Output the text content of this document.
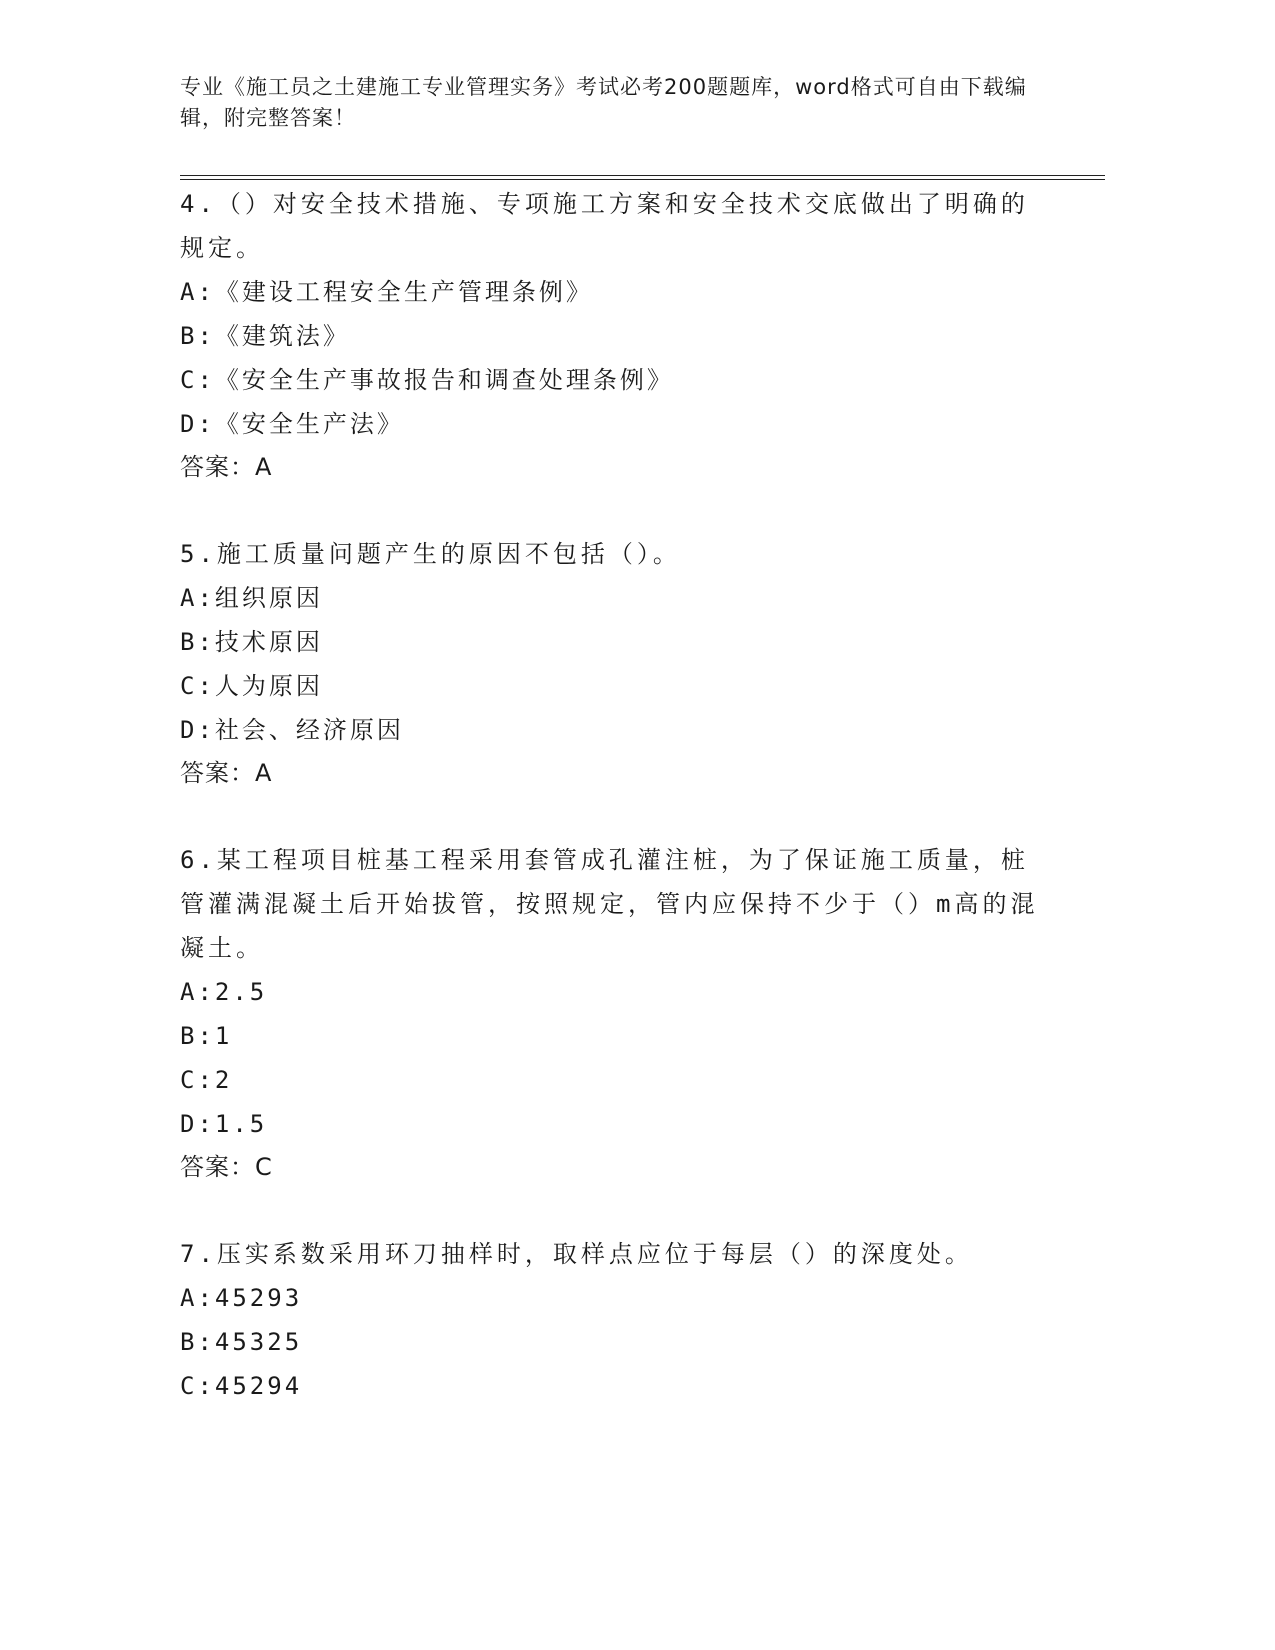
专业《施工员之土建施工专业管理实务》考试必考200题题库，word格式可自由下载编辑，附完整答案！
4.（）对安全技术措施、专项施工方案和安全技术交底做出了明确的规定。
A:《建设工程安全生产管理条例》
B:《建筑法》
C:《安全生产事故报告和调查处理条例》
D:《安全生产法》
答案：A
5.施工质量问题产生的原因不包括（）。
A:组织原因
B:技术原因
C:人为原因
D:社会、经济原因
答案：A
6.某工程项目桩基工程采用套管成孔灌注桩，为了保证施工质量，桩管灌满混凝土后开始拔管，按照规定，管内应保持不少于（）m高的混凝土。
A:2.5
B:1
C:2
D:1.5
答案：C
7.压实系数采用环刀抽样时，取样点应位于每层（）的深度处。
A:45293
B:45325
C:45294
